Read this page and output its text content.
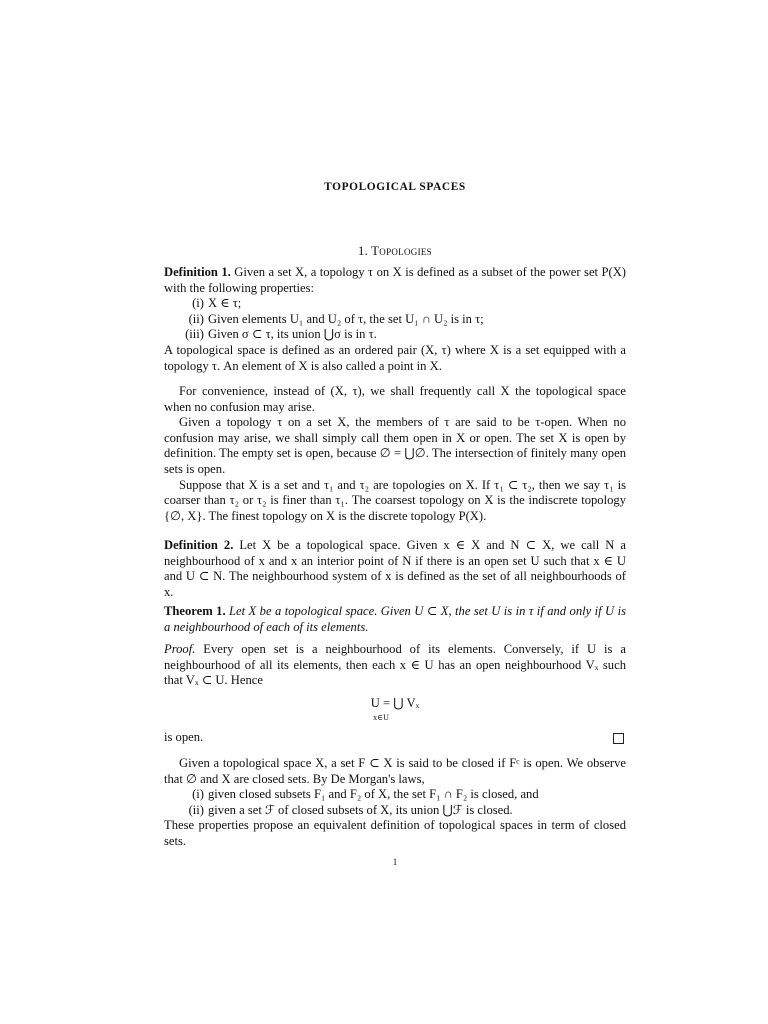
TOPOLOGICAL SPACES
1. Topologies

Definition 1. Given a set X, a topology τ on X is defined as a subset of the power set P(X) with the following properties:

(i) X ∈ τ;
(ii) Given elements U₁ and U₂ of τ, the set U₁ ∩ U₂ is in τ;
(iii) Given σ ⊂ τ, its union ⋃σ is in τ.

A topological space is defined as an ordered pair (X, τ) where X is a set equipped with a topology τ. An element of X is also called a point in X.

For convenience, instead of (X, τ), we shall frequently call X the topological space when no confusion may arise.

Given a topology τ on a set X, the members of τ are said to be τ-open. When no confusion may arise, we shall simply call them open in X or open. The set X is open by definition. The empty set is open, because ∅ = ⋃∅. The intersection of finitely many open sets is open.

Suppose that X is a set and τ₁ and τ₂ are topologies on X. If τ₁ ⊂ τ₂, then we say τ₁ is coarser than τ₂ or τ₂ is finer than τ₁. The coarsest topology on X is the indiscrete topology {∅, X}. The finest topology on X is the discrete topology P(X).

Definition 2. Let X be a topological space. Given x ∈ X and N ⊂ X, we call N a neighbourhood of x and x an interior point of N if there is an open set U such that x ∈ U and U ⊂ N. The neighbourhood system of x is defined as the set of all neighbourhoods of x.

Theorem 1. Let X be a topological space. Given U ⊂ X, the set U is in τ if and only if U is a neighbourhood of each of its elements.

Proof. Every open set is a neighbourhood of its elements. Conversely, if U is a neighbourhood of all its elements, then each x ∈ U has an open neighbourhood Vₓ such that Vₓ ⊂ U. Hence

U = ⋃ Vₓ
x∈U

is open.

Given a topological space X, a set F ⊂ X is said to be closed if Fᶜ is open. We observe that ∅ and X are closed sets. By De Morgan's laws,

(i) given closed subsets F₁ and F₂ of X, the set F₁ ∩ F₂ is closed, and
(ii) given a set ℱ of closed subsets of X, its union ⋃ℱ is closed.

These properties propose an equivalent definition of topological spaces in term of closed sets.

1
